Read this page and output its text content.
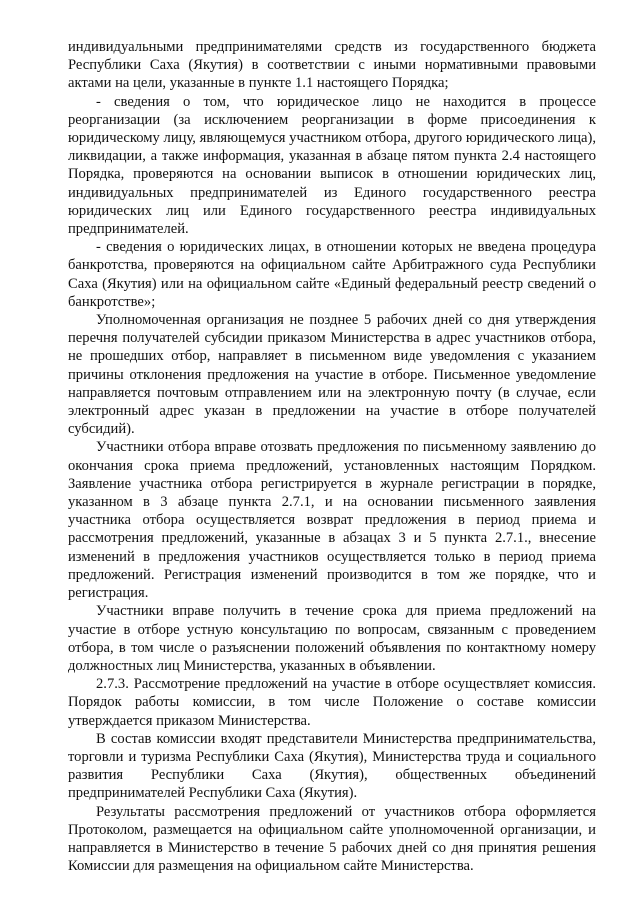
индивидуальными предпринимателями средств из государственного бюджета Республики Саха (Якутия) в соответствии с иными нормативными правовыми актами на цели, указанные в пункте 1.1 настоящего Порядка;

- сведения о том, что юридическое лицо не находится в процессе реорганизации (за исключением реорганизации в форме присоединения к юридическому лицу, являющемуся участником отбора, другого юридического лица), ликвидации, а также информация, указанная в абзаце пятом пункта 2.4 настоящего Порядка, проверяются на основании выписок в отношении юридических лиц, индивидуальных предпринимателей из Единого государственного реестра юридических лиц или Единого государственного реестра индивидуальных предпринимателей.

- сведения о юридических лицах, в отношении которых не введена процедура банкротства, проверяются на официальном сайте Арбитражного суда Республики Саха (Якутия) или на официальном сайте «Единый федеральный реестр сведений о банкротстве»;

Уполномоченная организация не позднее 5 рабочих дней со дня утверждения перечня получателей субсидии приказом Министерства в адрес участников отбора, не прошедших отбор, направляет в письменном виде уведомления с указанием причины отклонения предложения на участие в отборе. Письменное уведомление направляется почтовым отправлением или на электронную почту (в случае, если электронный адрес указан в предложении на участие в отборе получателей субсидий).

Участники отбора вправе отозвать предложения по письменному заявлению до окончания срока приема предложений, установленных настоящим Порядком. Заявление участника отбора регистрируется в журнале регистрации в порядке, указанном в 3 абзаце пункта 2.7.1, и на основании письменного заявления участника отбора осуществляется возврат предложения в период приема и рассмотрения предложений, указанные в абзацах 3 и 5 пункта 2.7.1., внесение изменений в предложения участников осуществляется только в период приема предложений. Регистрация изменений производится в том же порядке, что и регистрация.

Участники вправе получить в течение срока для приема предложений на участие в отборе устную консультацию по вопросам, связанным с проведением отбора, в том числе о разъяснении положений объявления по контактному номеру должностных лиц Министерства, указанных в объявлении.

2.7.3. Рассмотрение предложений на участие в отборе осуществляет комиссия. Порядок работы комиссии, в том числе Положение о составе комиссии утверждается приказом Министерства.

В состав комиссии входят представители Министерства предпринимательства, торговли и туризма Республики Саха (Якутия), Министерства труда и социального развития Республики Саха (Якутия), общественных объединений предпринимателей Республики Саха (Якутия).

Результаты рассмотрения предложений от участников отбора оформляется Протоколом, размещается на официальном сайте уполномоченной организации, и направляется в Министерство в течение 5 рабочих дней со дня принятия решения Комиссии для размещения на официальном сайте Министерства.
